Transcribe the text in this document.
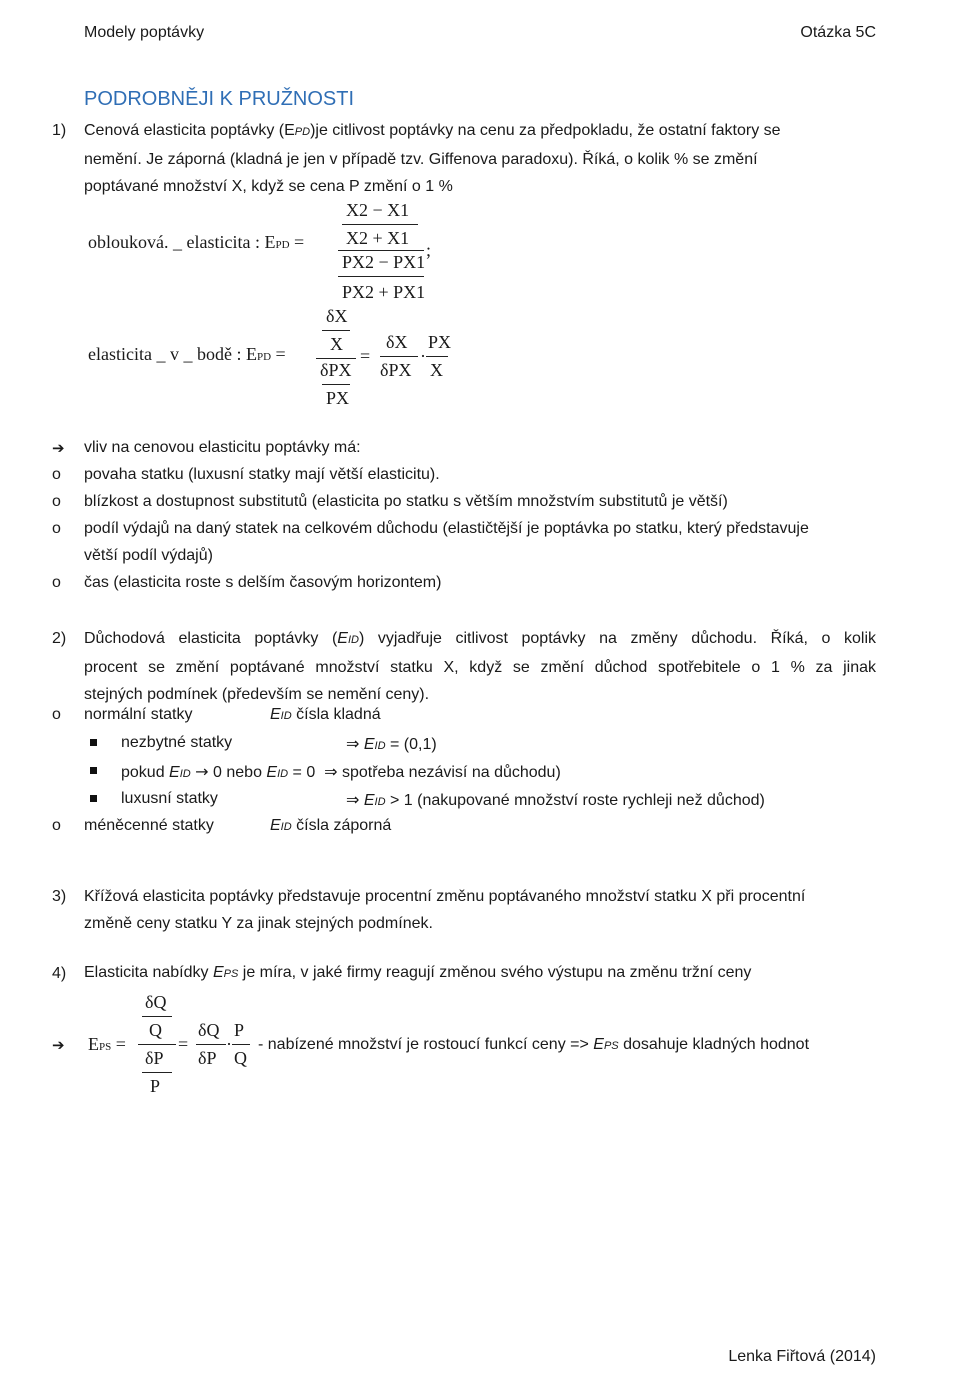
Modely poptávky	Otázka 5C
PODROBNĚJI K PRUŽNOSTI
1) Cenová elasticita poptávky (EPD)je citlivost poptávky na cenu za předpokladu, že ostatní faktory se
nemění. Je záporná (kladná je jen v případě tzv. Giffenova paradoxu). Říká, o kolik % se změní
poptávané množství X, když se cena P změní o 1 %
oblouková. _ elasticita : EPD =
X2 − X1
X2 + X1
;
PX2 − PX1
PX2 + PX1
elasticita _ v _ bodě : EPD =
δX
X
δPX
PX
=
δX
δPX
·
PX
X
➔ vliv na cenovou elasticitu poptávky má:
o povaha statku (luxusní statky mají větší elasticitu).
o blízkost a dostupnost substitutů (elasticita po statku s větším množstvím substitutů je větší)
o podíl výdajů na daný statek na celkovém důchodu (elastičtější je poptávka po statku, který představuje
větší podíl výdajů)
o čas (elasticita roste s delším časovým horizontem)
2) Důchodová elasticita poptávky (EID) vyjadřuje citlivost poptávky na změny důchodu. Říká, o kolik
procent se změní poptávané množství statku X, když se změní důchod spotřebitele o 1 % za jinak
stejných podmínek (především se nemění ceny).
o normální statky	EID čísla kladná
nezbytné statky	⇒ EID = (0,1)
pokud EID → 0 nebo EID = 0 ⇒ spotřeba nezávisí na důchodu)
luxusní statky	⇒ EID > 1 (nakupované množství roste rychleji než důchod)
o méněcenné statky	EID čísla záporná
3) Křížová elasticita poptávky představuje procentní změnu poptávaného množství statku X při procentní
změně ceny statku Y za jinak stejných podmínek.
4) Elasticita nabídky EPS je míra, v jaké firmy reagují změnou svého výstupu na změnu tržní ceny
➔ EPS =
δQ
Q
δP
P
=
δQ
δP
·
P
Q
- nabízené množství je rostoucí funkcí ceny => EPS dosahuje kladných hodnot
Lenka Fiřtová (2014)
